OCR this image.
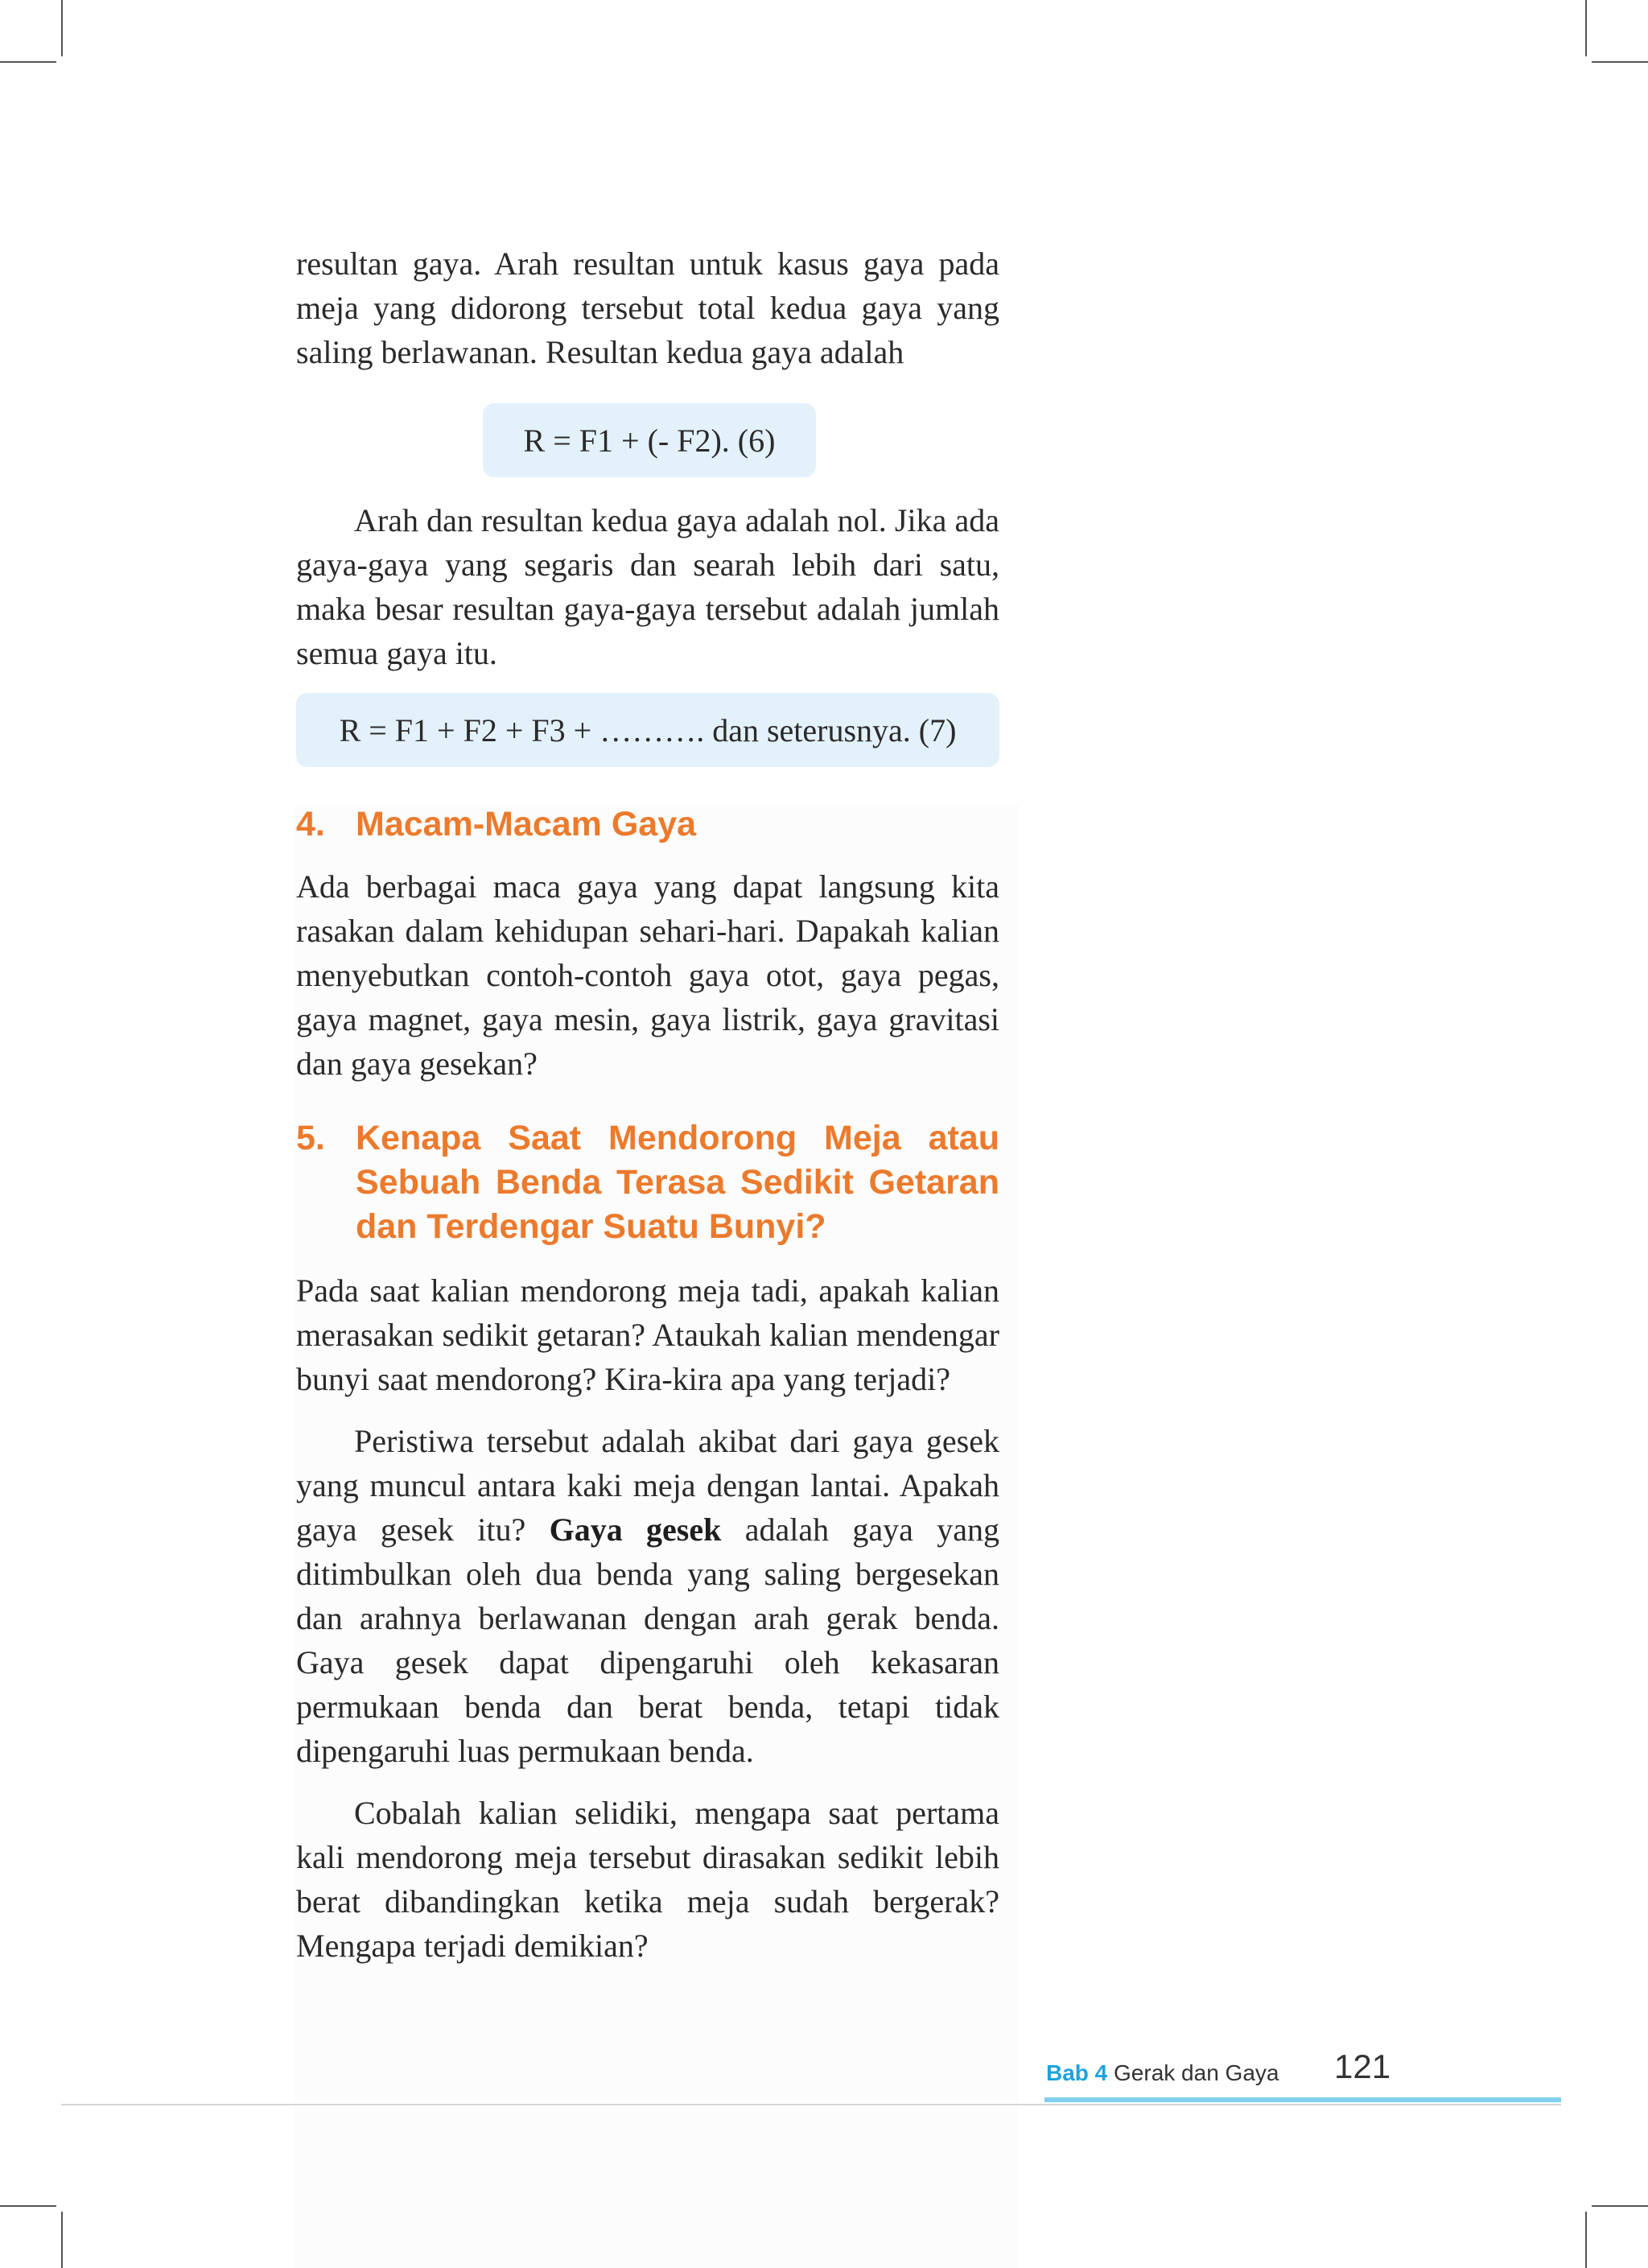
resultan gaya. Arah resultan untuk kasus gaya pada meja yang didorong tersebut total kedua gaya yang saling berlawanan. Resultan kedua gaya adalah

R = F1 + (- F2). (6)

Arah dan resultan kedua gaya adalah nol. Jika ada gaya-gaya yang segaris dan searah lebih dari satu, maka besar resultan gaya-gaya tersebut adalah jumlah semua gaya itu.

R = F1 + F2 + F3 + ………. dan seterusnya. (7)
4. Macam-Macam Gaya

Ada berbagai maca gaya yang dapat langsung kita rasakan dalam kehidupan sehari-hari. Dapakah kalian menyebutkan contoh-contoh gaya otot, gaya pegas, gaya magnet, gaya mesin, gaya listrik, gaya gravitasi dan gaya gesekan?

5. Kenapa Saat Mendorong Meja atau Sebuah Benda Terasa Sedikit Getaran dan Terdengar Suatu Bunyi?

Pada saat kalian mendorong meja tadi, apakah kalian merasakan sedikit getaran? Ataukah kalian mendengar bunyi saat mendorong? Kira-kira apa yang terjadi?

Peristiwa tersebut adalah akibat dari gaya gesek yang muncul antara kaki meja dengan lantai. Apakah gaya gesek itu? Gaya gesek adalah gaya yang ditimbulkan oleh dua benda yang saling bergesekan dan arahnya berlawanan dengan arah gerak benda. Gaya gesek dapat dipengaruhi oleh kekasaran permukaan benda dan berat benda, tetapi tidak dipengaruhi luas permukaan benda.

Cobalah kalian selidiki, mengapa saat pertama kali mendorong meja tersebut dirasakan sedikit lebih berat dibandingkan ketika meja sudah bergerak? Mengapa terjadi demikian?

Bab 4 Gerak dan Gaya 121
